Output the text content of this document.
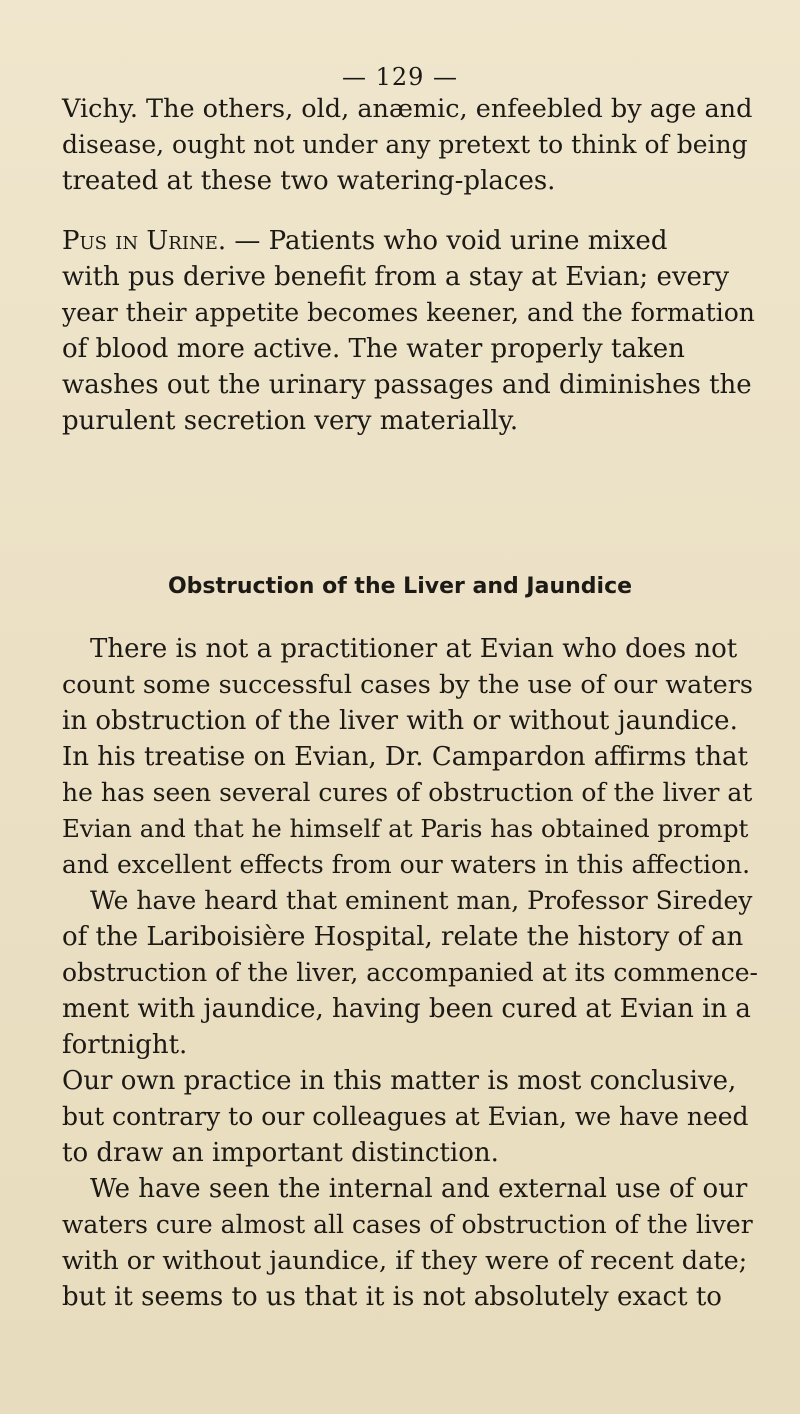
— 129 —
Vichy. The others, old, anæmic, enfeebled by age and
disease, ought not under any pretext to think of being
treated at these two watering-places.
Pus in Urine. — Patients who void urine mixed
with pus derive benefit from a stay at Evian; every
year their appetite becomes keener, and the formation
of blood more active. The water properly taken
washes out the urinary passages and diminishes the
purulent secretion very materially.
Obstruction of the Liver and Jaundice
There is not a practitioner at Evian who does not
count some successful cases by the use of our waters
in obstruction of the liver with or without jaundice.
In his treatise on Evian, Dr. Campardon affirms that
he has seen several cures of obstruction of the liver at
Evian and that he himself at Paris has obtained prompt
and excellent effects from our waters in this affection.
We have heard that eminent man, Professor Siredey
of the Lariboisière Hospital, relate the history of an
obstruction of the liver, accompanied at its commence-
ment with jaundice, having been cured at Evian in a
fortnight.
Our own practice in this matter is most conclusive,
but contrary to our colleagues at Evian, we have need
to draw an important distinction.
We have seen the internal and external use of our
waters cure almost all cases of obstruction of the liver
with or without jaundice, if they were of recent date;
but it seems to us that it is not absolutely exact to
